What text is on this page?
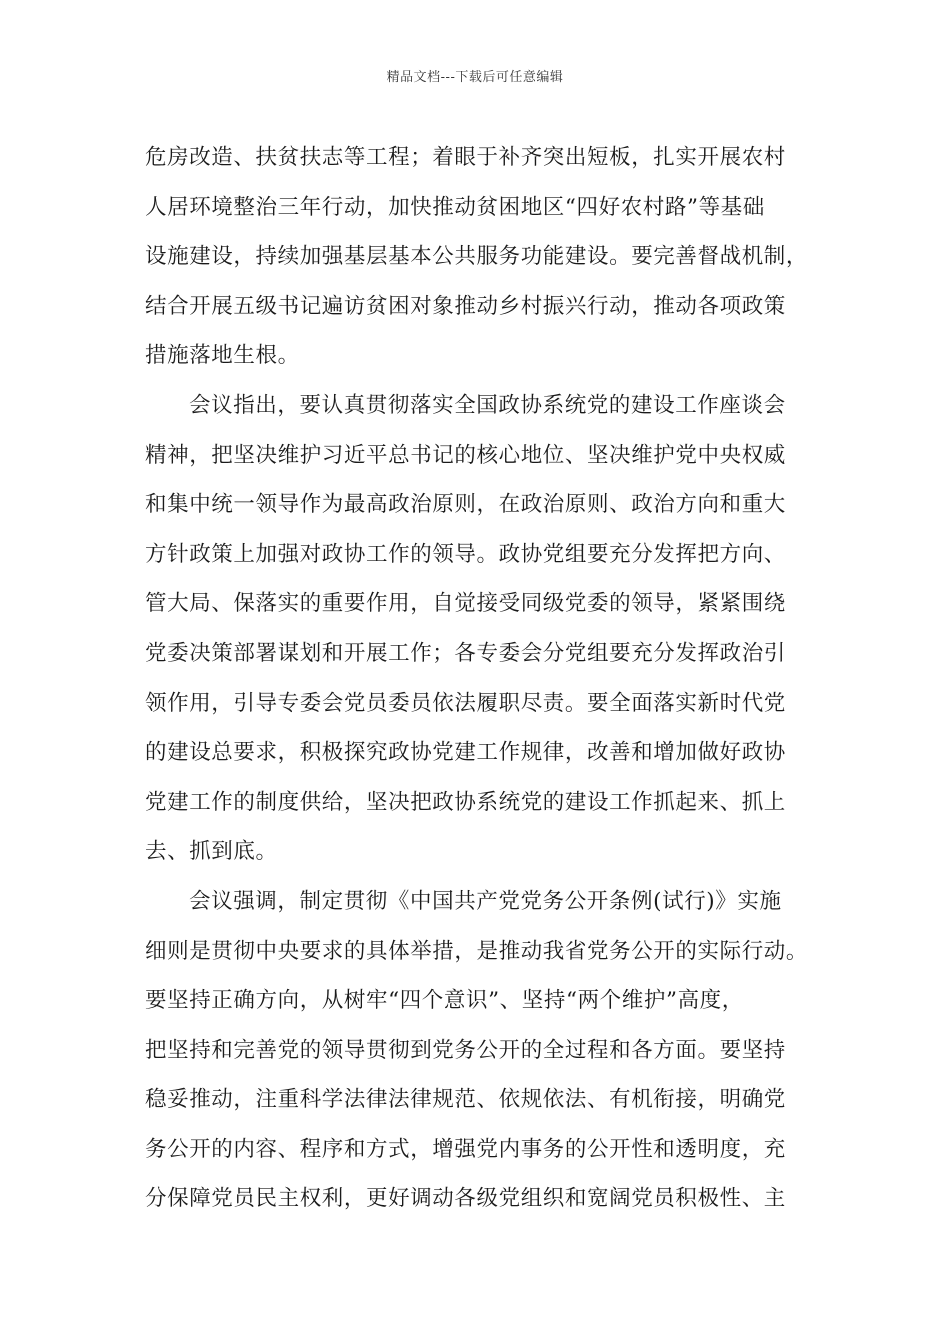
精品文档---下载后可任意编辑
危房改造、扶贫扶志等工程；着眼于补齐突出短板，扎实开展农村
人居环境整治三年行动，加快推动贫困地区“四好农村路”等基础
设施建设，持续加强基层基本公共服务功能建设。要完善督战机制，
结合开展五级书记遍访贫困对象推动乡村振兴行动，推动各项政策
措施落地生根。
会议指出，要认真贯彻落实全国政协系统党的建设工作座谈会
精神，把坚决维护习近平总书记的核心地位、坚决维护党中央权威
和集中统一领导作为最高政治原则，在政治原则、政治方向和重大
方针政策上加强对政协工作的领导。政协党组要充分发挥把方向、
管大局、保落实的重要作用，自觉接受同级党委的领导，紧紧围绕
党委决策部署谋划和开展工作；各专委会分党组要充分发挥政治引
领作用，引导专委会党员委员依法履职尽责。要全面落实新时代党
的建设总要求，积极探究政协党建工作规律，改善和增加做好政协
党建工作的制度供给，坚决把政协系统党的建设工作抓起来、抓上
去、抓到底。
会议强调，制定贯彻《中国共产党党务公开条例(试行)》实施
细则是贯彻中央要求的具体举措，是推动我省党务公开的实际行动。
要坚持正确方向，从树牢“四个意识”、坚持“两个维护”高度，
把坚持和完善党的领导贯彻到党务公开的全过程和各方面。要坚持
稳妥推动，注重科学法律法律规范、依规依法、有机衔接，明确党
务公开的内容、程序和方式，增强党内事务的公开性和透明度，充
分保障党员民主权利，更好调动各级党组织和宽阔党员积极性、主
